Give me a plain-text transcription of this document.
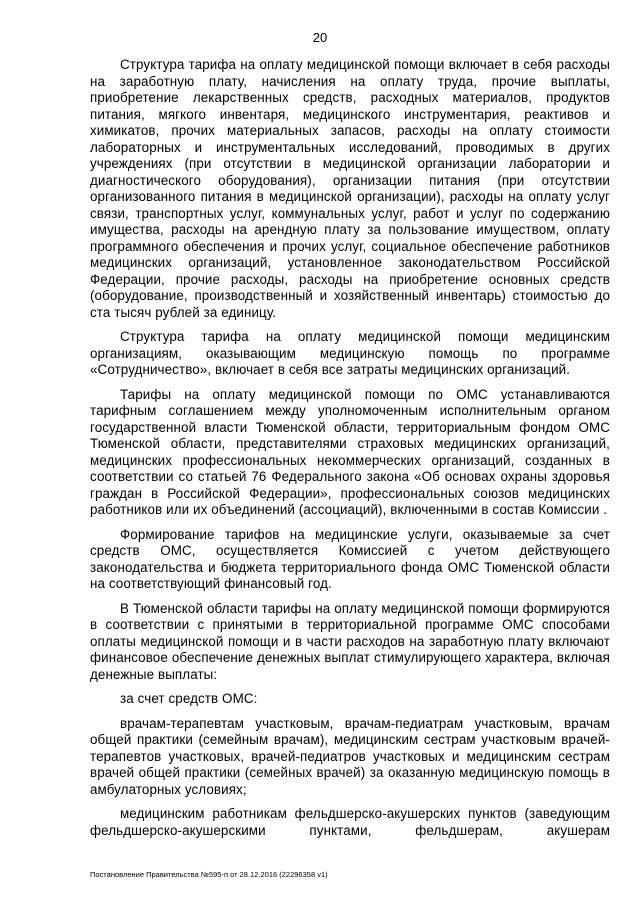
20

Структура тарифа на оплату медицинской помощи включает в себя расходы на заработную плату, начисления на оплату труда, прочие выплаты, приобретение лекарственных средств, расходных материалов, продуктов питания, мягкого инвентаря, медицинского инструментария, реактивов и химикатов, прочих материальных запасов, расходы на оплату стоимости лабораторных и инструментальных исследований, проводимых в других учреждениях (при отсутствии в медицинской организации лаборатории и диагностического оборудования), организации питания (при отсутствии организованного питания в медицинской организации), расходы на оплату услуг связи, транспортных услуг, коммунальных услуг, работ и услуг по содержанию имущества, расходы на арендную плату за пользование имуществом, оплату программного обеспечения и прочих услуг, социальное обеспечение работников медицинских организаций, установленное законодательством Российской Федерации, прочие расходы, расходы на приобретение основных средств (оборудование, производственный и хозяйственный инвентарь) стоимостью до ста тысяч рублей за единицу.

Структура тарифа на оплату медицинской помощи медицинским организациям, оказывающим медицинскую помощь по программе «Сотрудничество», включает в себя все затраты медицинских организаций.

Тарифы на оплату медицинской помощи по ОМС устанавливаются тарифным соглашением между уполномоченным исполнительным органом государственной власти Тюменской области, территориальным фондом ОМС Тюменской области, представителями страховых медицинских организаций, медицинских профессиональных некоммерческих организаций, созданных в соответствии со статьей 76 Федерального закона «Об основах охраны здоровья граждан в Российской Федерации», профессиональных союзов медицинских работников или их объединений (ассоциаций), включенными в состав Комиссии .

Формирование тарифов на медицинские услуги, оказываемые за счет средств ОМС, осуществляется Комиссией с учетом действующего законодательства и бюджета территориального фонда ОМС Тюменской области на соответствующий финансовый год.

В Тюменской области тарифы на оплату медицинской помощи формируются в соответствии с принятыми в территориальной программе ОМС способами оплаты медицинской помощи и в части расходов на заработную плату включают финансовое обеспечение денежных выплат стимулирующего характера, включая денежные выплаты:

за счет средств ОМС:

врачам-терапевтам участковым, врачам-педиатрам участковым, врачам общей практики (семейным врачам), медицинским сестрам участковым врачей-терапевтов участковых, врачей-педиатров участковых и медицинским сестрам врачей общей практики (семейных врачей) за оказанную медицинскую помощь в амбулаторных условиях;

медицинским работникам фельдшерско-акушерских пунктов (заведующим фельдшерско-акушерскими пунктами, фельдшерам, акушерам

Постановление Правительства №595-п от 28.12.2016 (22296358 v1)
